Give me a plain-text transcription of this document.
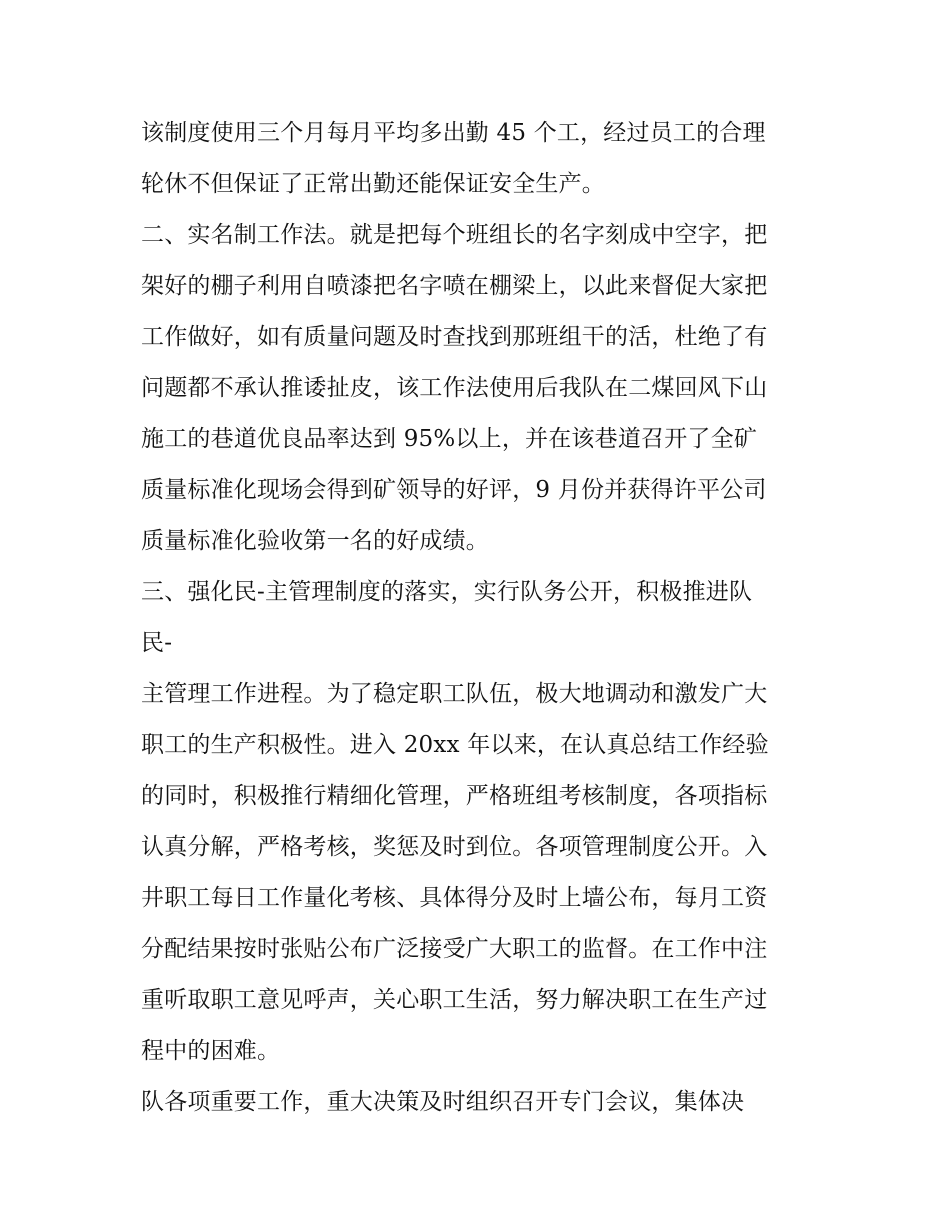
该制度使用三个月每月平均多出勤 45 个工，经过员工的合理
轮休不但保证了正常出勤还能保证安全生产。
二、实名制工作法。就是把每个班组长的名字刻成中空字，把
架好的棚子利用自喷漆把名字喷在棚梁上，以此来督促大家把
工作做好，如有质量问题及时查找到那班组干的活，杜绝了有
问题都不承认推诿扯皮，该工作法使用后我队在二煤回风下山
施工的巷道优良品率达到 95%以上，并在该巷道召开了全矿
质量标准化现场会得到矿领导的好评，9 月份并获得许平公司
质量标准化验收第一名的好成绩。
三、强化民-主管理制度的落实，实行队务公开，积极推进队
民-
主管理工作进程。为了稳定职工队伍，极大地调动和激发广大
职工的生产积极性。进入 20xx 年以来，在认真总结工作经验
的同时，积极推行精细化管理，严格班组考核制度，各项指标
认真分解，严格考核，奖惩及时到位。各项管理制度公开。入
井职工每日工作量化考核、具体得分及时上墙公布，每月工资
分配结果按时张贴公布广泛接受广大职工的监督。在工作中注
重听取职工意见呼声，关心职工生活，努力解决职工在生产过
程中的困难。
队各项重要工作，重大决策及时组织召开专门会议，集体决
